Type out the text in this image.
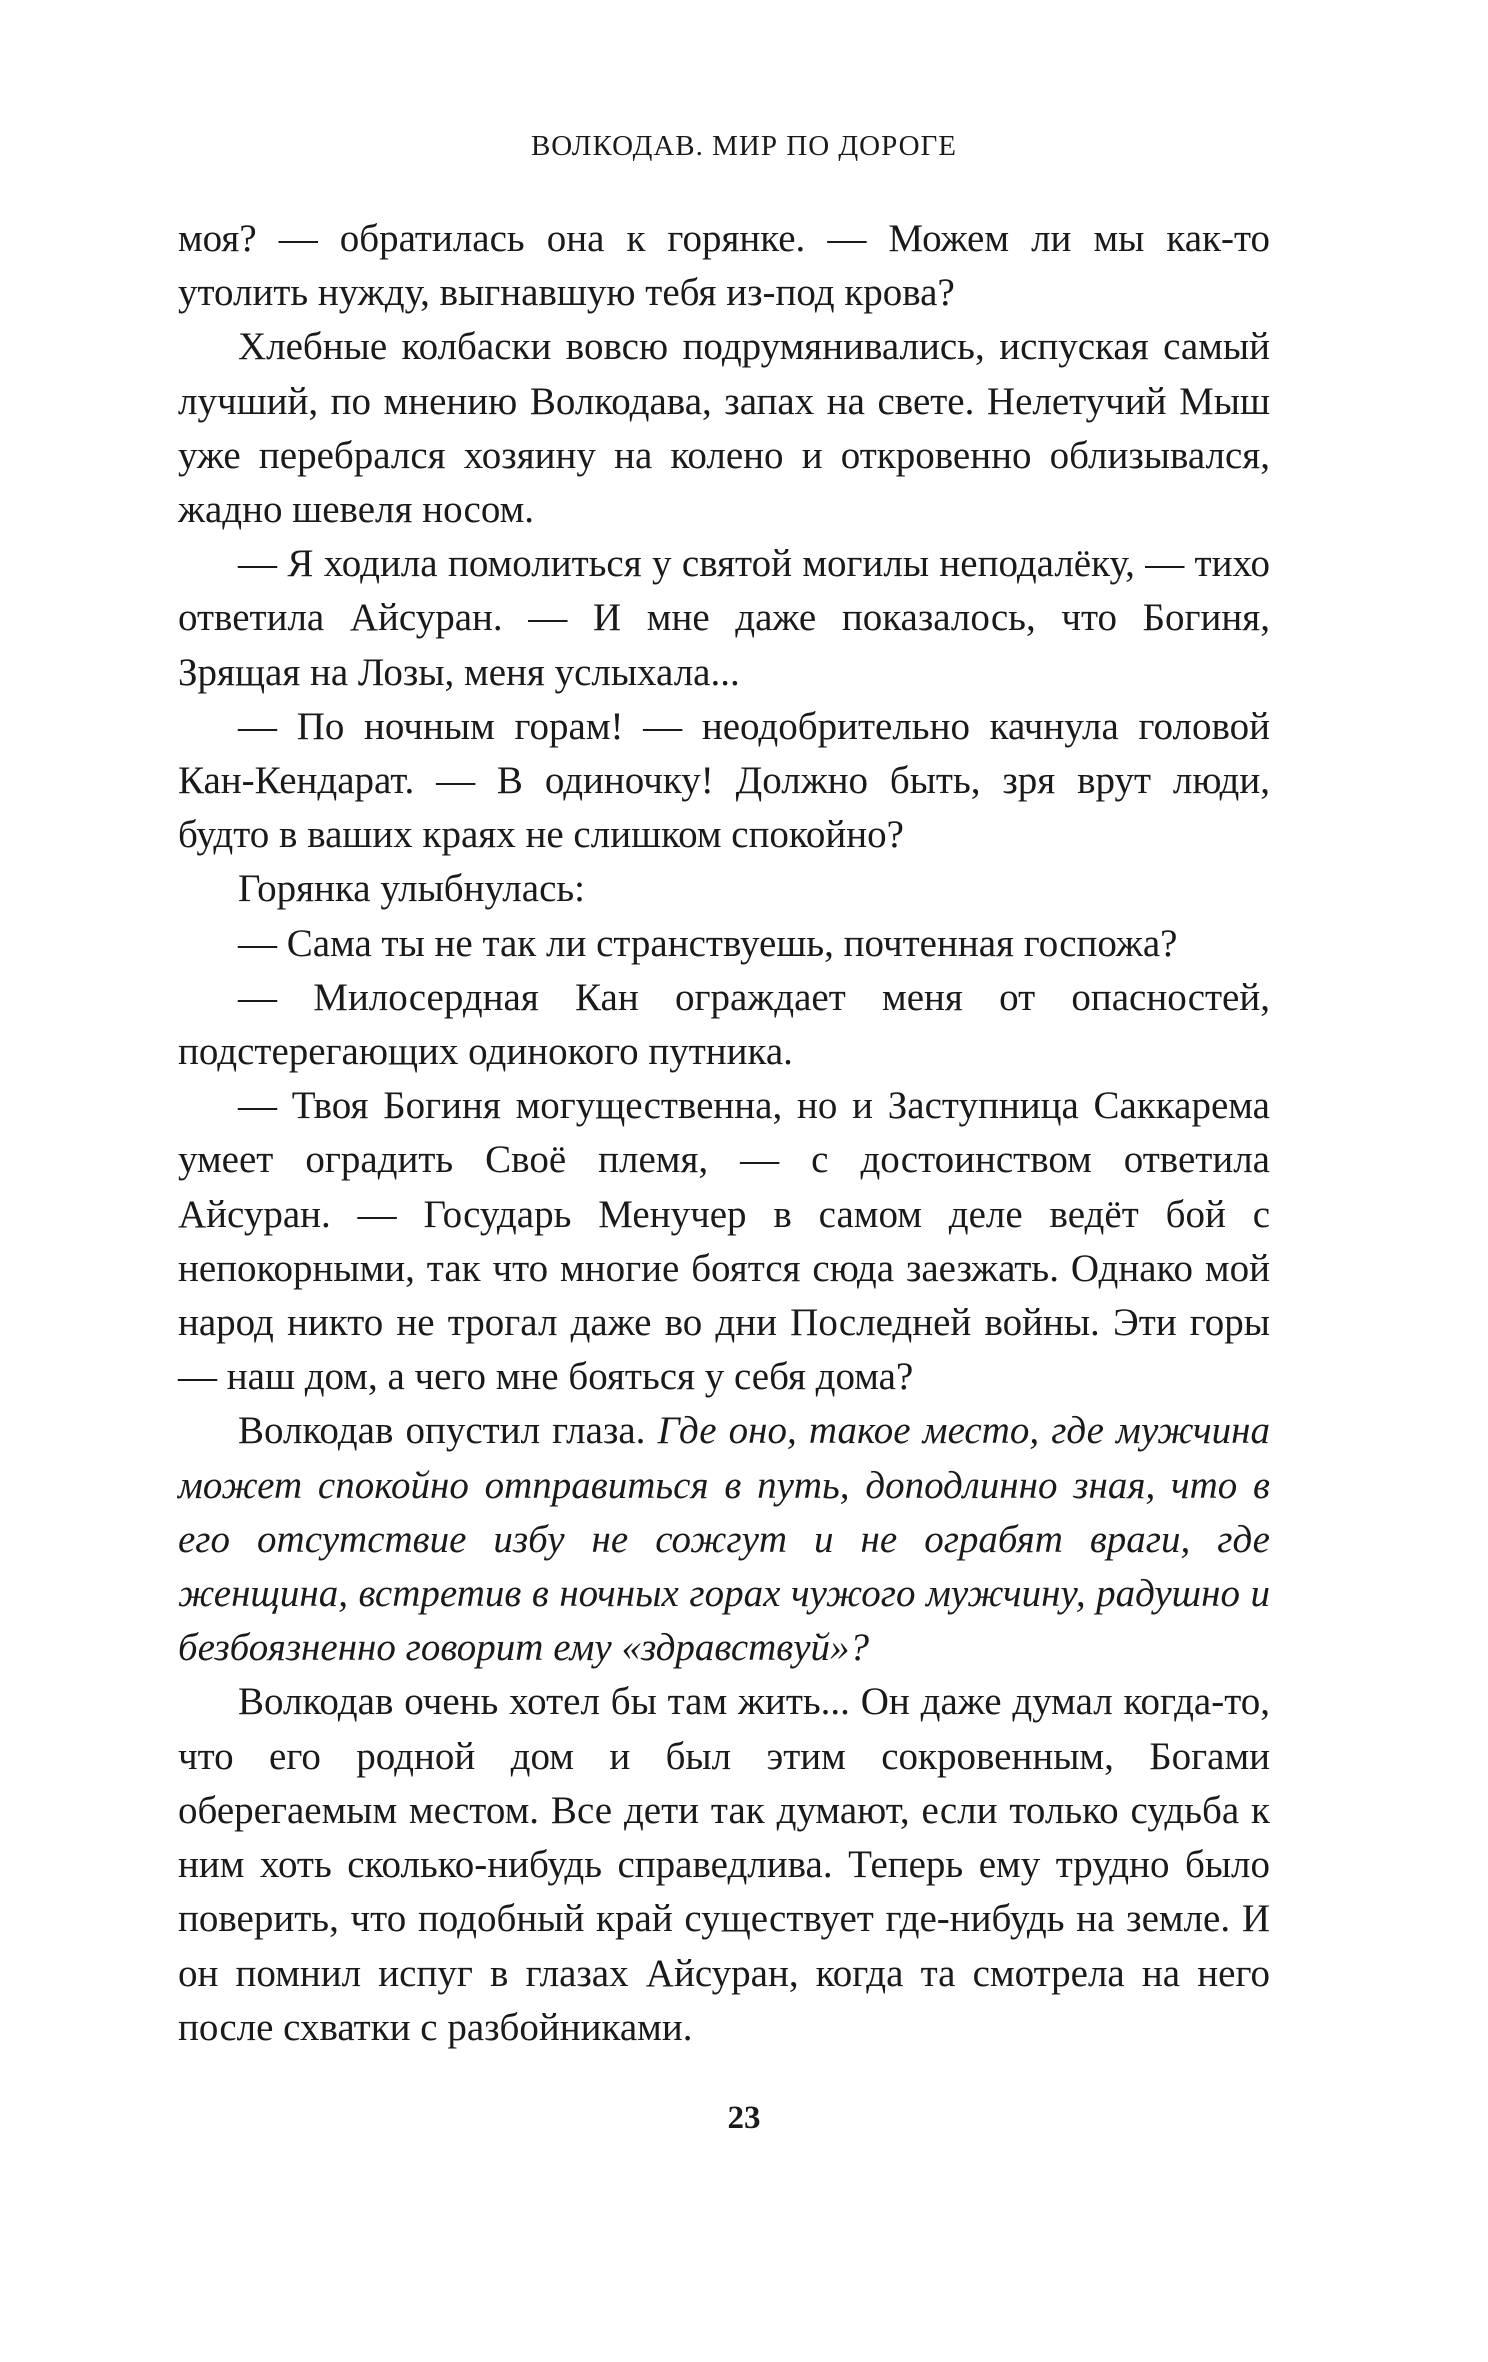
ВОЛКОДАВ. МИР ПО ДОРОГЕ

моя? — обратилась она к горянке. — Можем ли мы как-то утолить нужду, выгнавшую тебя из-под крова?

Хлебные колбаски вовсю подрумянивались, испуская самый лучший, по мнению Волкодава, запах на свете. Нелетучий Мыш уже перебрался хозяину на колено и откровенно облизывался, жадно шевеля носом.

— Я ходила помолиться у святой могилы неподалёку, — тихо ответила Айсуран. — И мне даже показалось, что Богиня, Зрящая на Лозы, меня услыхала...

— По ночным горам! — неодобрительно качнула головой Кан-Кендарат. — В одиночку! Должно быть, зря врут люди, будто в ваших краях не слишком спокойно?

Горянка улыбнулась:

— Сама ты не так ли странствуешь, почтенная госпожа?

— Милосердная Кан ограждает меня от опасностей, подстерегающих одинокого путника.

— Твоя Богиня могущественна, но и Заступница Саккарема умеет оградить Своё племя, — с достоинством ответила Айсуран. — Государь Менучер в самом деле ведёт бой с непокорными, так что многие боятся сюда заезжать. Однако мой народ никто не трогал даже во дни Последней войны. Эти горы — наш дом, а чего мне бояться у себя дома?

Волкодав опустил глаза. Где оно, такое место, где мужчина может спокойно отправиться в путь, доподлинно зная, что в его отсутствие избу не сожгут и не ограбят враги, где женщина, встретив в ночных горах чужого мужчину, радушно и безбоязненно говорит ему «здравствуй»?

Волкодав очень хотел бы там жить... Он даже думал когда-то, что его родной дом и был этим сокровенным, Богами оберегаемым местом. Все дети так думают, если только судьба к ним хоть сколько-нибудь справедлива. Теперь ему трудно было поверить, что подобный край существует где-нибудь на земле. И он помнил испуг в глазах Айсуран, когда та смотрела на него после схватки с разбойниками.

23
